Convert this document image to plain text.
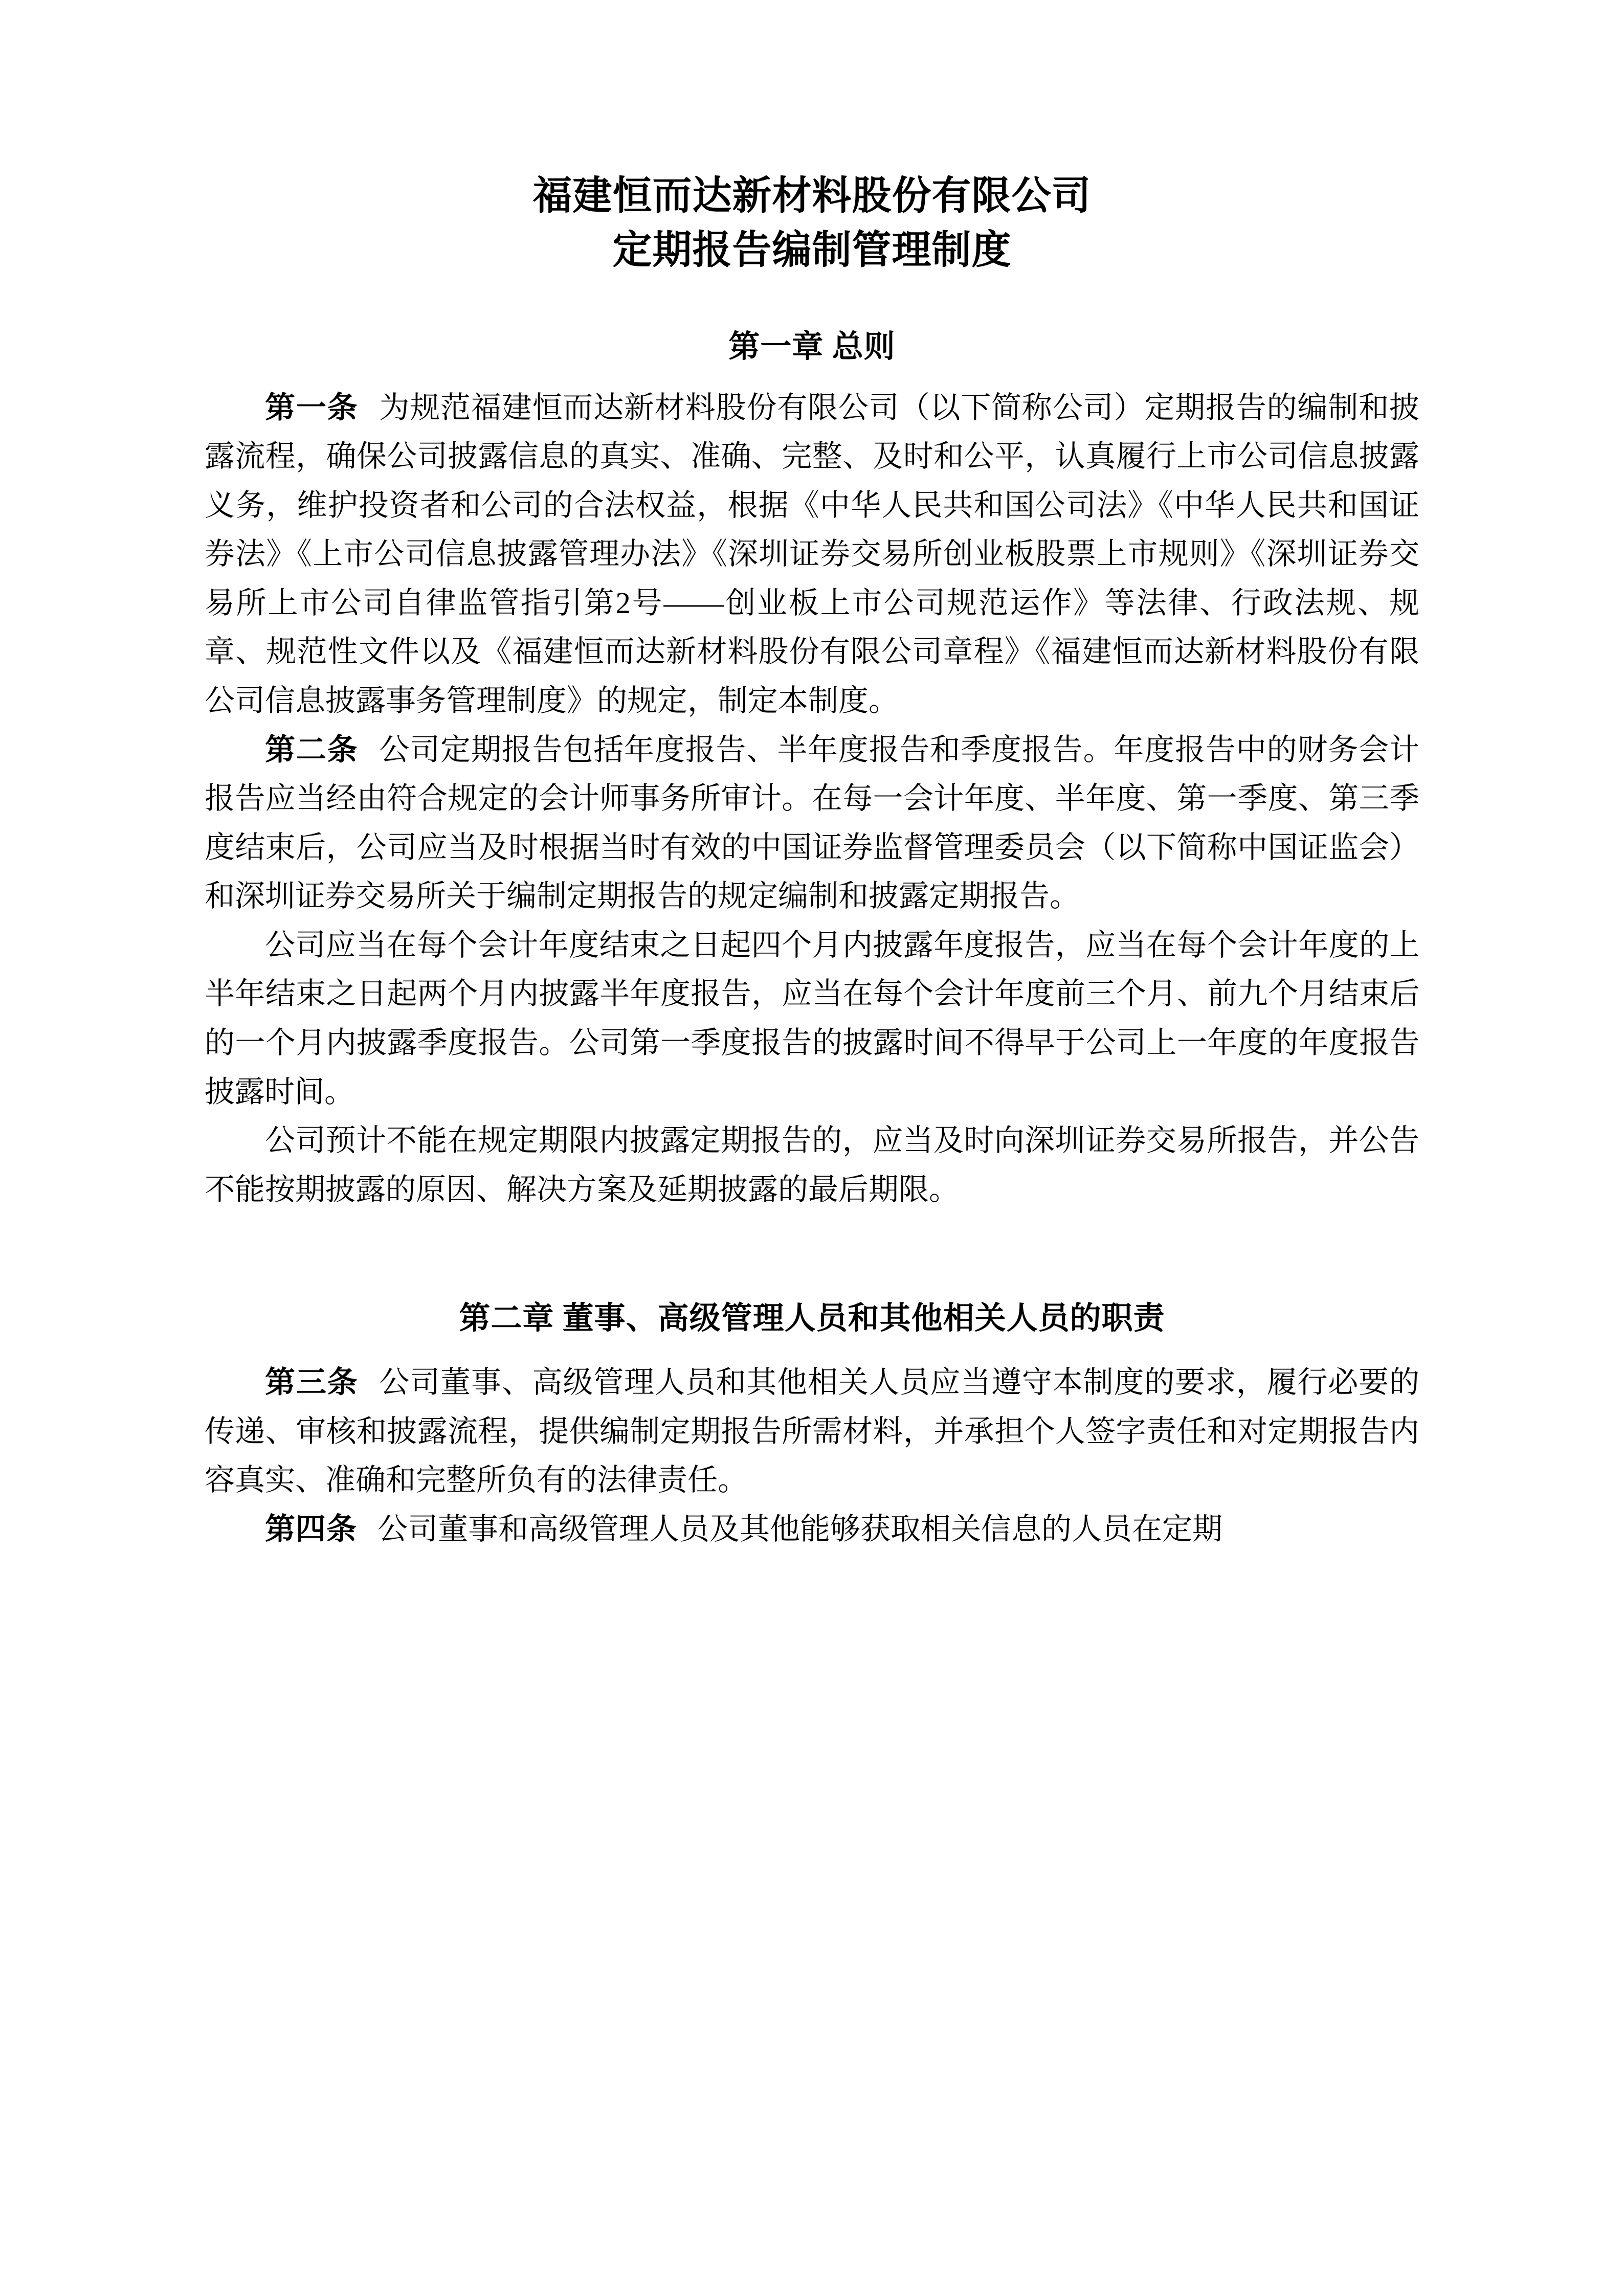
福建恒而达新材料股份有限公司
定期报告编制管理制度
第一章 总则

第一条 为规范福建恒而达新材料股份有限公司（以下简称公司）定期报告的编制和披露流程，确保公司披露信息的真实、准确、完整、及时和公平，认真履行上市公司信息披露义务，维护投资者和公司的合法权益，根据《中华人民共和国公司法》《中华人民共和国证券法》《上市公司信息披露管理办法》《深圳证券交易所创业板股票上市规则》《深圳证券交易所上市公司自律监管指引第2号——创业板上市公司规范运作》等法律、行政法规、规章、规范性文件以及《福建恒而达新材料股份有限公司章程》《福建恒而达新材料股份有限公司信息披露事务管理制度》的规定，制定本制度。

第二条 公司定期报告包括年度报告、半年度报告和季度报告。年度报告中的财务会计报告应当经由符合规定的会计师事务所审计。在每一会计年度、半年度、第一季度、第三季度结束后，公司应当及时根据当时有效的中国证券监督管理委员会（以下简称中国证监会）和深圳证券交易所关于编制定期报告的规定编制和披露定期报告。

公司应当在每个会计年度结束之日起四个月内披露年度报告，应当在每个会计年度的上半年结束之日起两个月内披露半年度报告，应当在每个会计年度前三个月、前九个月结束后的一个月内披露季度报告。公司第一季度报告的披露时间不得早于公司上一年度的年度报告披露时间。

公司预计不能在规定期限内披露定期报告的，应当及时向深圳证券交易所报告，并公告不能按期披露的原因、解决方案及延期披露的最后期限。

第二章 董事、高级管理人员和其他相关人员的职责

第三条 公司董事、高级管理人员和其他相关人员应当遵守本制度的要求，履行必要的传递、审核和披露流程，提供编制定期报告所需材料，并承担个人签字责任和对定期报告内容真实、准确和完整所负有的法律责任。

第四条 公司董事和高级管理人员及其他能够获取相关信息的人员在定期
